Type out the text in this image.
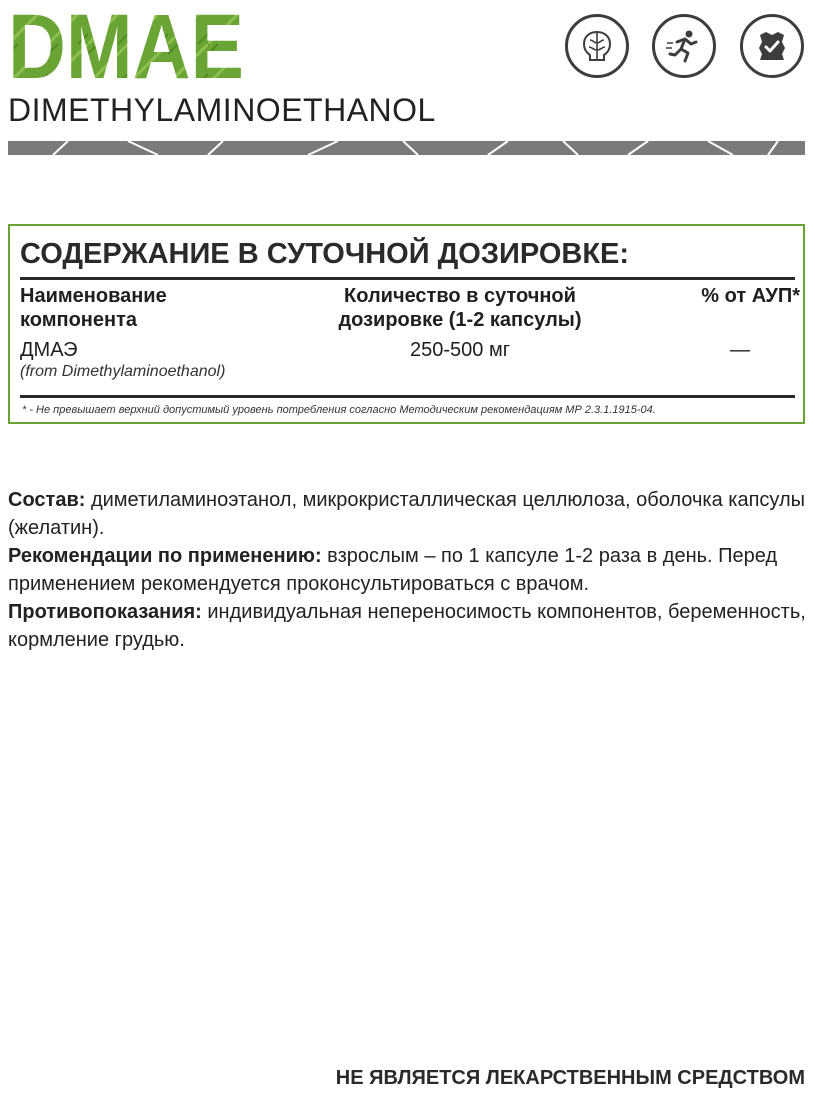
DMAE
DIMETHYLAMINOETHANOL
СОДЕРЖАНИЕ В СУТОЧНОЙ ДОЗИРОВКЕ:
Наименование компонента
Количество в суточной дозировке (1-2 капсулы)
% от АУП*
ДМАЭ
(from Dimethylaminoethanol)
250-500 мг	—
* - Не превышает верхний допустимый уровень потребления согласно Методическим рекомендациям МР 2.3.1.1915-04.

Состав: диметиламиноэтанол, микрокристаллическая целлюлоза, оболочка капсулы (желатин).

Рекомендации по применению: взрослым – по 1 капсуле 1-2 раза в день. Перед применением рекомендуется проконсультироваться с врачом.

Противопоказания: индивидуальная непереносимость компонентов, беременность, кормление грудью.

НЕ ЯВЛЯЕТСЯ ЛЕКАРСТВЕННЫМ СРЕДСТВОМ
